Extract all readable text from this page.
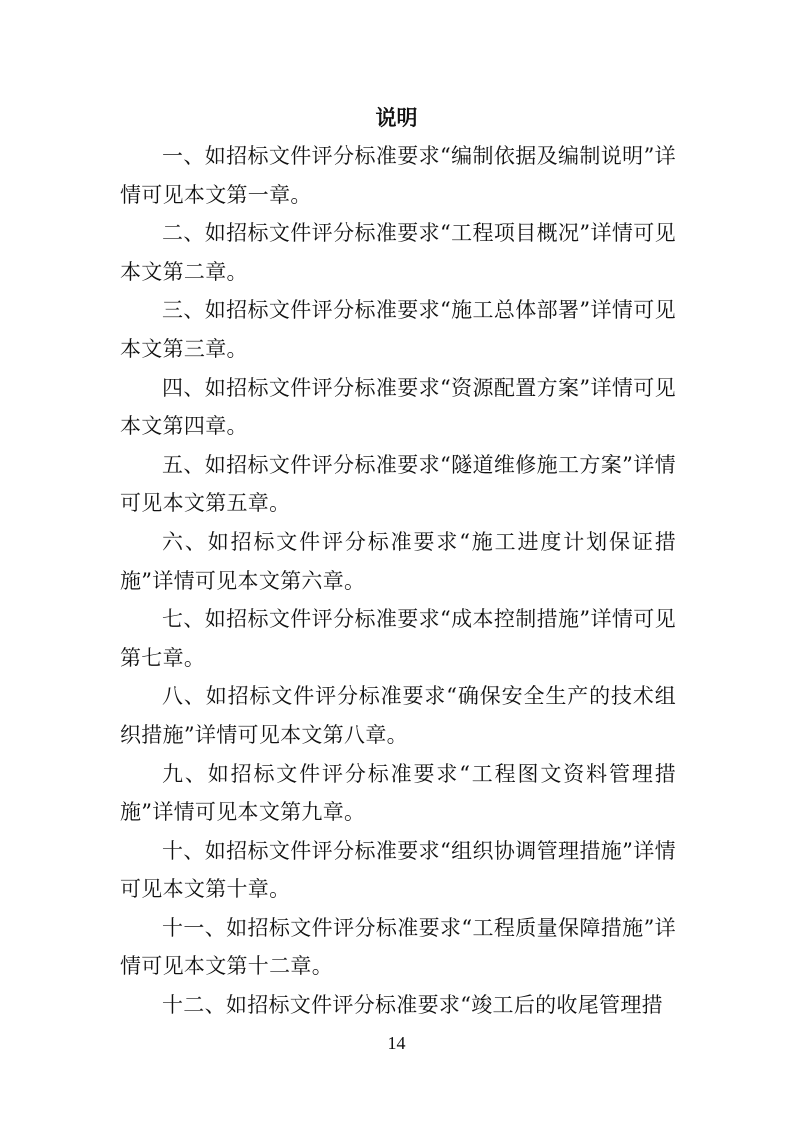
说明

一、如招标文件评分标准要求“编制依据及编制说明”详情可见本文第一章。

二、如招标文件评分标准要求“工程项目概况”详情可见本文第二章。

三、如招标文件评分标准要求“施工总体部署”详情可见本文第三章。

四、如招标文件评分标准要求“资源配置方案”详情可见本文第四章。

五、如招标文件评分标准要求“隧道维修施工方案”详情可见本文第五章。

六、如招标文件评分标准要求“施工进度计划保证措施”详情可见本文第六章。

七、如招标文件评分标准要求“成本控制措施”详情可见第七章。

八、如招标文件评分标准要求“确保安全生产的技术组织措施”详情可见本文第八章。

九、如招标文件评分标准要求“工程图文资料管理措施”详情可见本文第九章。

十、如招标文件评分标准要求“组织协调管理措施”详情可见本文第十章。

十一、如招标文件评分标准要求“工程质量保障措施”详情可见本文第十二章。

十二、如招标文件评分标准要求“竣工后的收尾管理措

14
